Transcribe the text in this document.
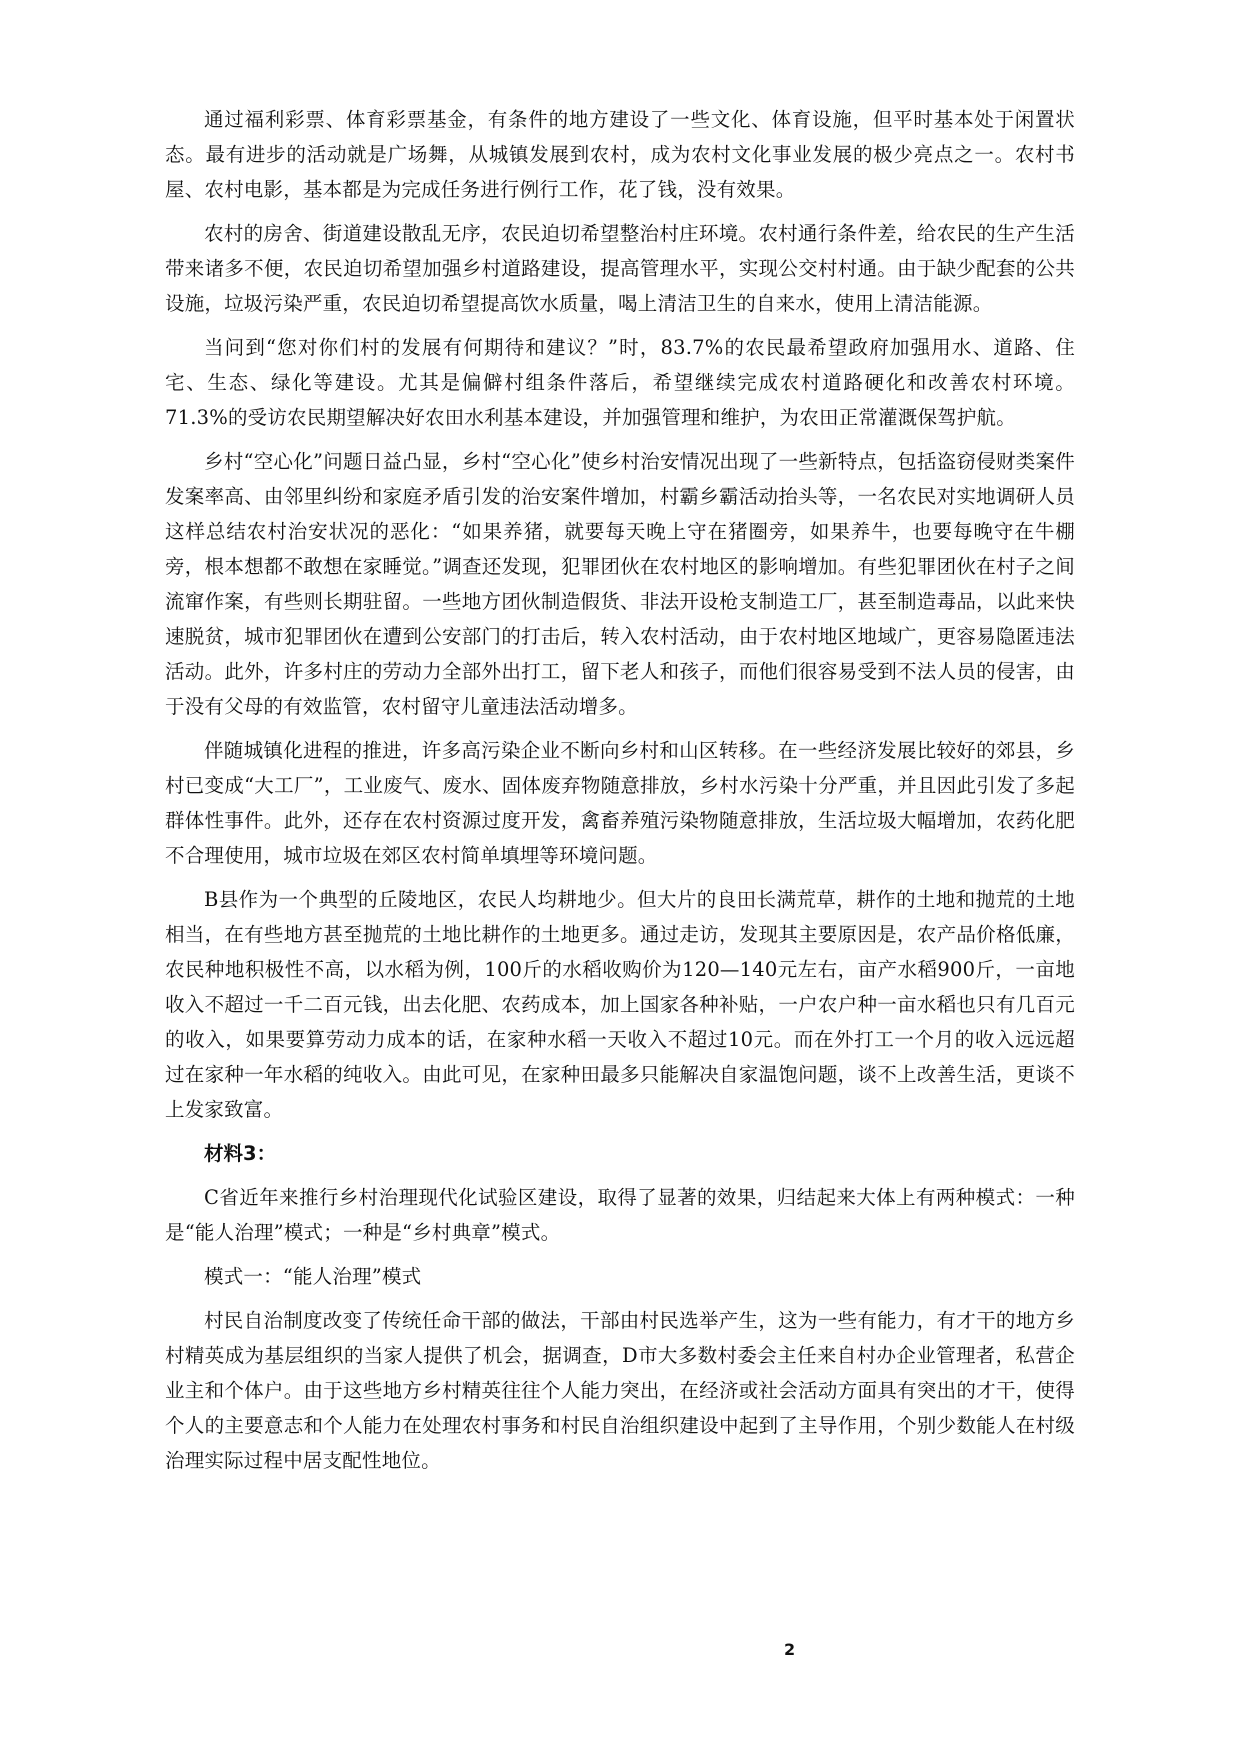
通过福利彩票、体育彩票基金，有条件的地方建设了一些文化、体育设施，但平时基本处于闲置状态。最有进步的活动就是广场舞，从城镇发展到农村，成为农村文化事业发展的极少亮点之一。农村书屋、农村电影，基本都是为完成任务进行例行工作，花了钱，没有效果。

农村的房舍、街道建设散乱无序，农民迫切希望整治村庄环境。农村通行条件差，给农民的生产生活带来诸多不便，农民迫切希望加强乡村道路建设，提高管理水平，实现公交村村通。由于缺少配套的公共设施，垃圾污染严重，农民迫切希望提高饮水质量，喝上清洁卫生的自来水，使用上清洁能源。

当问到“您对你们村的发展有何期待和建议？”时，83.7%的农民最希望政府加强用水、道路、住宅、生态、绿化等建设。尤其是偏僻村组条件落后，希望继续完成农村道路硬化和改善农村环境。71.3%的受访农民期望解决好农田水利基本建设，并加强管理和维护，为农田正常灌溉保驾护航。

乡村“空心化”问题日益凸显，乡村“空心化”使乡村治安情况出现了一些新特点，包括盗窃侵财类案件发案率高、由邻里纠纷和家庭矛盾引发的治安案件增加，村霸乡霸活动抬头等，一名农民对实地调研人员这样总结农村治安状况的恶化：“如果养猪，就要每天晚上守在猪圈旁，如果养牛，也要每晚守在牛棚旁，根本想都不敢想在家睡觉。”调查还发现，犯罪团伙在农村地区的影响增加。有些犯罪团伙在村子之间流窜作案，有些则长期驻留。一些地方团伙制造假货、非法开设枪支制造工厂，甚至制造毒品，以此来快速脱贫，城市犯罪团伙在遭到公安部门的打击后，转入农村活动，由于农村地区地域广，更容易隐匿违法活动。此外，许多村庄的劳动力全部外出打工，留下老人和孩子，而他们很容易受到不法人员的侵害，由于没有父母的有效监管，农村留守儿童违法活动增多。

伴随城镇化进程的推进，许多高污染企业不断向乡村和山区转移。在一些经济发展比较好的郊县，乡村已变成“大工厂”，工业废气、废水、固体废弃物随意排放，乡村水污染十分严重，并且因此引发了多起群体性事件。此外，还存在农村资源过度开发，禽畜养殖污染物随意排放，生活垃圾大幅增加，农药化肥不合理使用，城市垃圾在郊区农村简单填埋等环境问题。

B县作为一个典型的丘陵地区，农民人均耕地少。但大片的良田长满荒草，耕作的土地和抛荒的土地相当，在有些地方甚至抛荒的土地比耕作的土地更多。通过走访，发现其主要原因是，农产品价格低廉，农民种地积极性不高，以水稻为例，100斤的水稻收购价为120—140元左右，亩产水稻900斤，一亩地收入不超过一千二百元钱，出去化肥、农药成本，加上国家各种补贴，一户农户种一亩水稻也只有几百元的收入，如果要算劳动力成本的话，在家种水稻一天收入不超过10元。而在外打工一个月的收入远远超过在家种一年水稻的纯收入。由此可见，在家种田最多只能解决自家温饱问题，谈不上改善生活，更谈不上发家致富。

材料3：

C省近年来推行乡村治理现代化试验区建设，取得了显著的效果，归结起来大体上有两种模式：一种是“能人治理”模式；一种是“乡村典章”模式。

模式一：“能人治理”模式

村民自治制度改变了传统任命干部的做法，干部由村民选举产生，这为一些有能力，有才干的地方乡村精英成为基层组织的当家人提供了机会，据调查，D市大多数村委会主任来自村办企业管理者，私营企业主和个体户。由于这些地方乡村精英往往个人能力突出，在经济或社会活动方面具有突出的才干，使得个人的主要意志和个人能力在处理农村事务和村民自治组织建设中起到了主导作用，个别少数能人在村级治理实际过程中居支配性地位。

2
